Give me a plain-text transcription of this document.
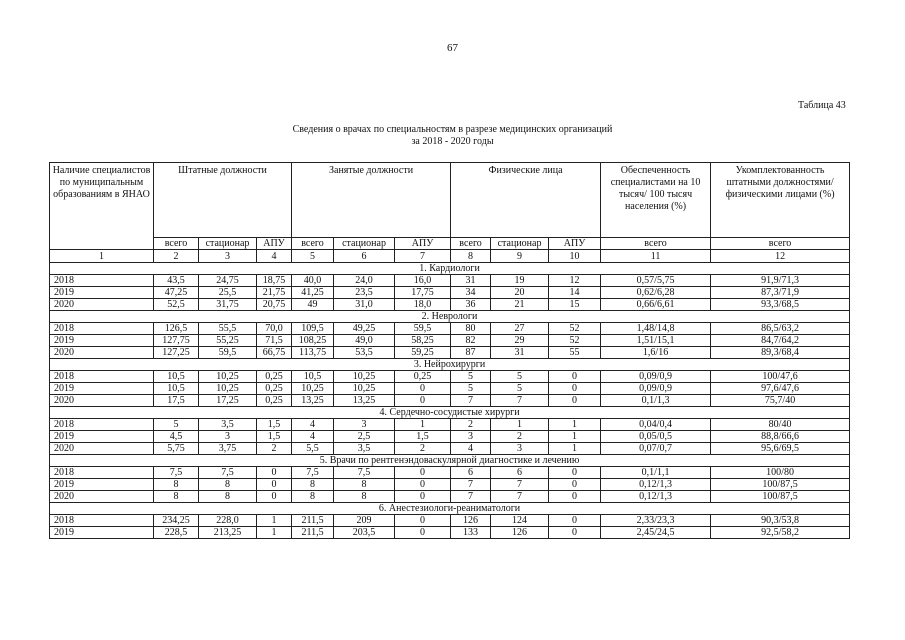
67
Таблица 43
Сведения о врачах по специальностям в разрезе медицинских организаций
за 2018 - 2020 годы
Наличие специалистов по муниципальным образованиям в ЯНАО	Штатные должности			Занятые должности			Физические лица			Обеспеченность специалистами на 10 тысяч/ 100 тысяч населения (%)	Укомплектованность штатными должностями/ физическими лицами (%)
	всего	стационар	АПУ	всего	стационар	АПУ	всего	стационар	АПУ	всего	всего
1	2	3	4	5	6	7	8	9	10	11	12
1. Кардиологи											
2018	43,5	24,75	18,75	40,0	24,0	16,0	31	19	12	0,57/5,75	91,9/71,3
2019	47,25	25,5	21,75	41,25	23,5	17,75	34	20	14	0,62/6,28	87,3/71,9
2020	52,5	31,75	20,75	49	31,0	18,0	36	21	15	0,66/6,61	93,3/68,5
2. Неврологи											
2018	126,5	55,5	70,0	109,5	49,25	59,5	80	27	52	1,48/14,8	86,5/63,2
2019	127,75	55,25	71,5	108,25	49,0	58,25	82	29	52	1,51/15,1	84,7/64,2
2020	127,25	59,5	66,75	113,75	53,5	59,25	87	31	55	1,6/16	89,3/68,4
3. Нейрохирурги											
2018	10,5	10,25	0,25	10,5	10,25	0,25	5	5	0	0,09/0,9	100/47,6
2019	10,5	10,25	0,25	10,25	10,25	0	5	5	0	0,09/0,9	97,6/47,6
2020	17,5	17,25	0,25	13,25	13,25	0	7	7	0	0,1/1,3	75,7/40
4. Сердечно-сосудистые хирурги											
2018	5	3,5	1,5	4	3	1	2	1	1	0,04/0,4	80/40
2019	4,5	3	1,5	4	2,5	1,5	3	2	1	0,05/0,5	88,8/66,6
2020	5,75	3,75	2	5,5	3,5	2	4	3	1	0,07/0,7	95,6/69,5
5. Врачи по рентгенэндоваскулярной диагностике и лечению											
2018	7,5	7,5	0	7,5	7,5	0	6	6	0	0,1/1,1	100/80
2019	8	8	0	8	8	0	7	7	0	0,12/1,3	100/87,5
2020	8	8	0	8	8	0	7	7	0	0,12/1,3	100/87,5
6. Анестезиологи-реаниматологи											
2018	234,25	228,0	1	211,5	209	0	126	124	0	2,33/23,3	90,3/53,8
2019	228,5	213,25	1	211,5	203,5	0	133	126	0	2,45/24,5	92,5/58,2
